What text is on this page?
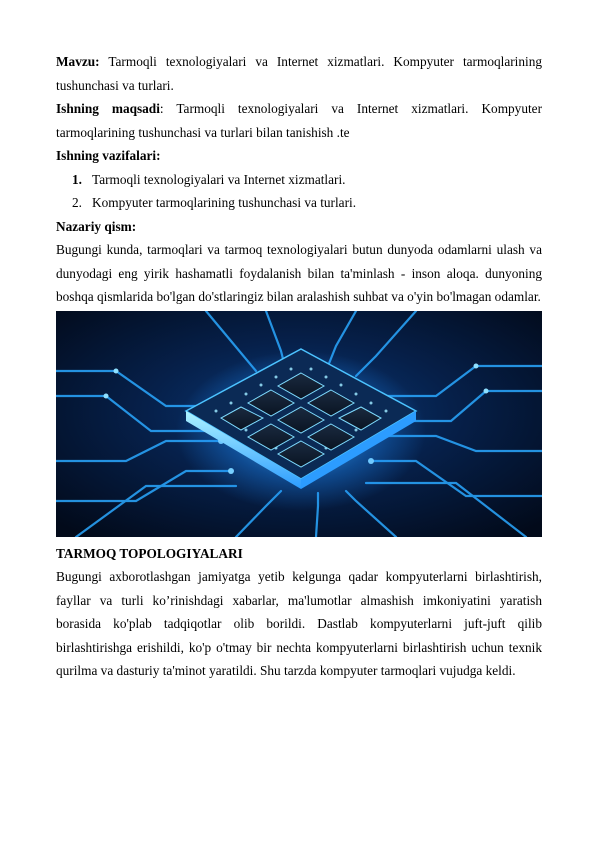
Mavzu: Tarmoqli texnologiyalari va Internet xizmatlari. Kompyuter tarmoqlarining tushunchasi va turlari.

Ishning maqsadi: Tarmoqli texnologiyalari va Internet xizmatlari. Kompyuter tarmoqlarining tushunchasi va turlari bilan tanishish .te

Ishning vazifalari:

1. Tarmoqli texnologiyalari va Internet xizmatlari.
2. Kompyuter tarmoqlarining tushunchasi va turlari.

Nazariy qism:

Bugungi kunda, tarmoqlari va tarmoq texnologiyalari butun dunyoda odamlarni ulash va dunyodagi eng yirik hashamatli foydalanish bilan ta'minlash - inson aloqa. dunyoning boshqa qismlarida bo'lgan do'stlaringiz bilan aralashish suhbat va o'yin bo'lmagan odamlar.

TARMOQ TOPOLOGIYALARI

Bugungi axborotlashgan jamiyatga yetib kelgunga qadar kompyuterlarni birlashtirish, fayllar va turli ko’rinishdagi xabarlar, ma'lumotlar almashish imkoniyatini yaratish borasida ko'plab tadqiqotlar olib borildi. Dastlab kompyuterlarni juft-juft qilib birlashtirishga erishildi, ko'p o'tmay bir nechta kompyuterlarni birlashtirish uchun texnik qurilma va dasturiy ta'minot yaratildi. Shu tarzda kompyuter tarmoqlari vujudga keldi.
